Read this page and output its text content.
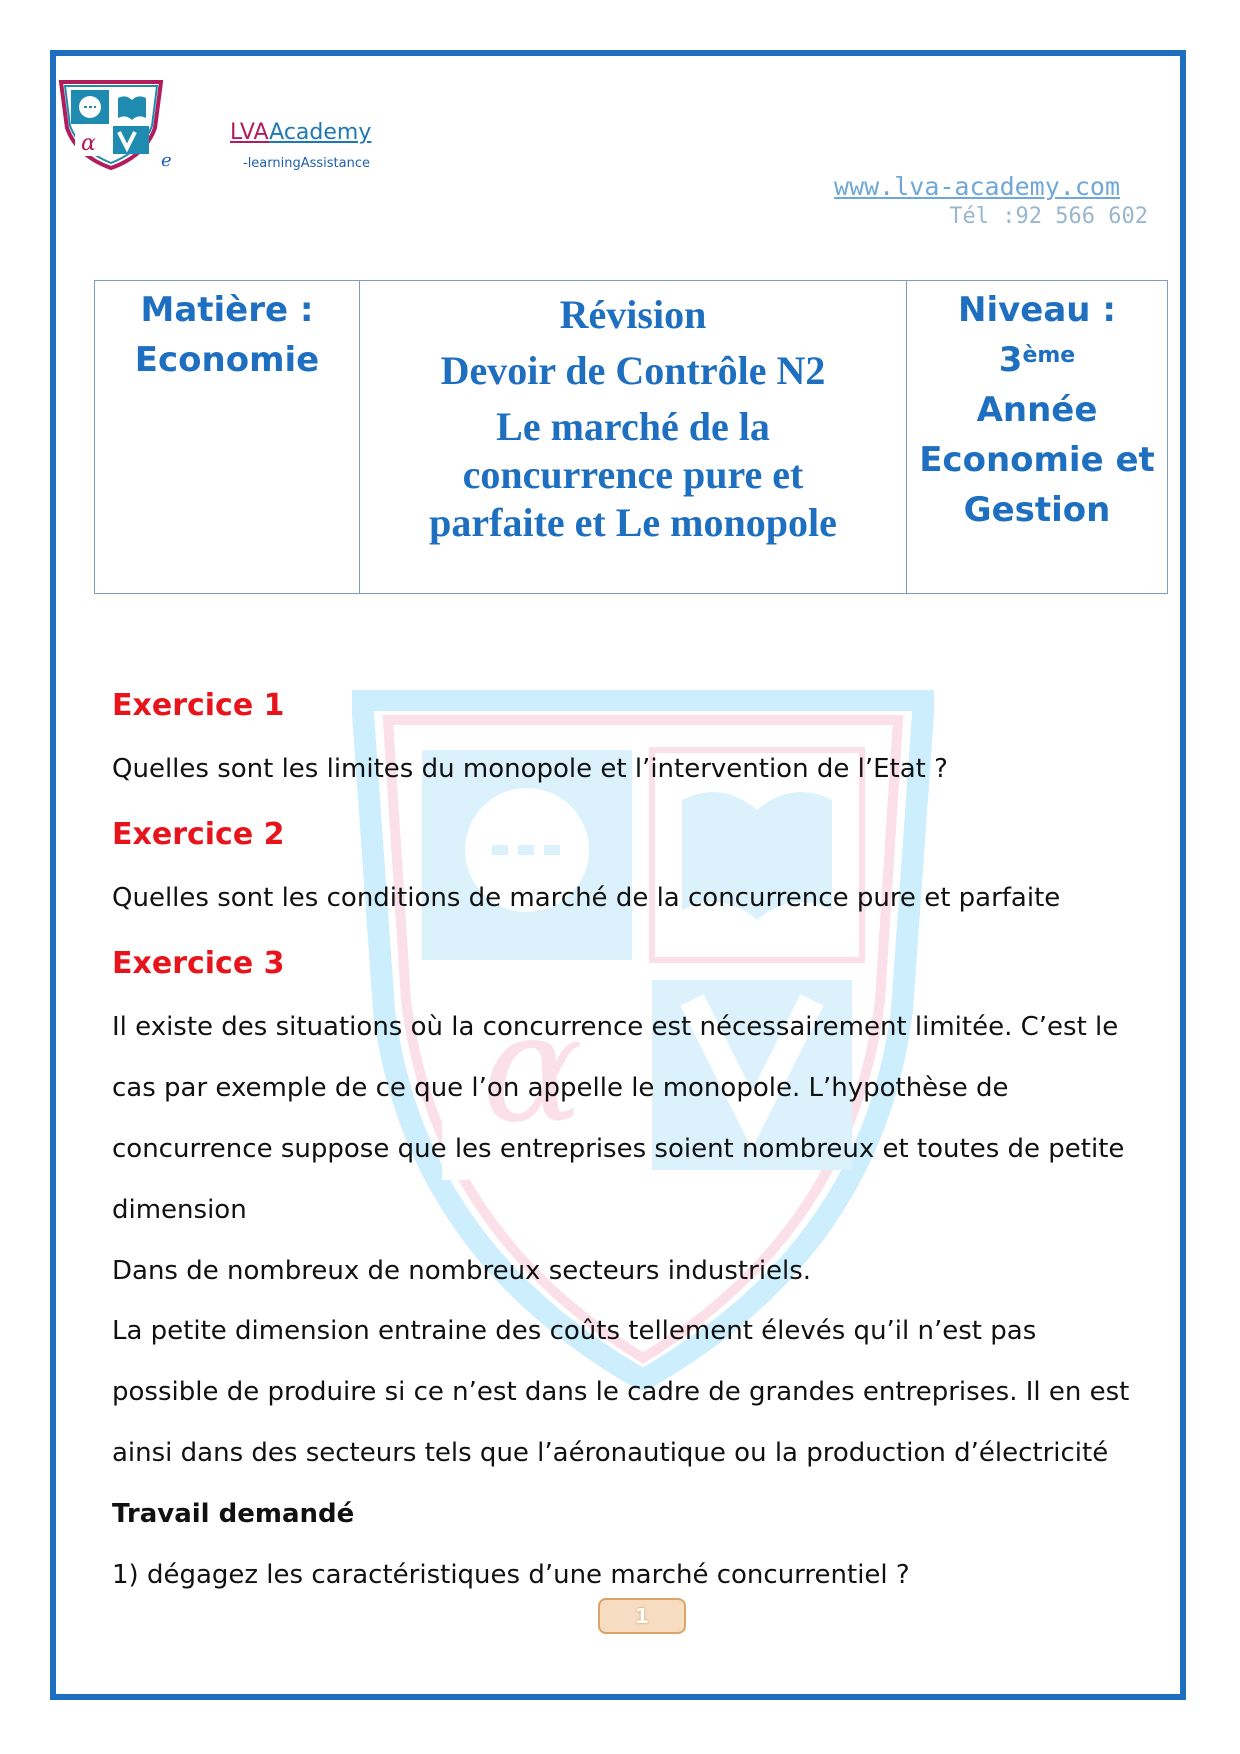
α	LVAAcademy
-learningAssistance
e
www.lva-academy.com
Tél :92 566 602
Matière :
Economie

Révision
Devoir de Contrôle N2
Le marché de la
concurrence pure et
parfaite et Le monopole

Niveau : 3ème
Année
Economie et
Gestion
α
Exercice 1
Quelles sont les limites du monopole et l’intervention de l’Etat ?
Exercice 2
Quelles sont les conditions de marché de la concurrence pure et parfaite
Exercice 3
Il existe des situations où la concurrence est nécessairement limitée. C’est le
cas par exemple de ce que l’on appelle le monopole. L’hypothèse de
concurrence suppose que les entreprises soient nombreux et toutes de petite
dimension
Dans de nombreux de nombreux secteurs industriels.
La petite dimension entraine des coûts tellement élevés qu’il n’est pas
possible de produire si ce n’est dans le cadre de grandes entreprises. Il en est
ainsi dans des secteurs tels que l’aéronautique ou la production d’électricité
Travail demandé
1) dégagez les caractéristiques d’une marché concurrentiel ?
1
